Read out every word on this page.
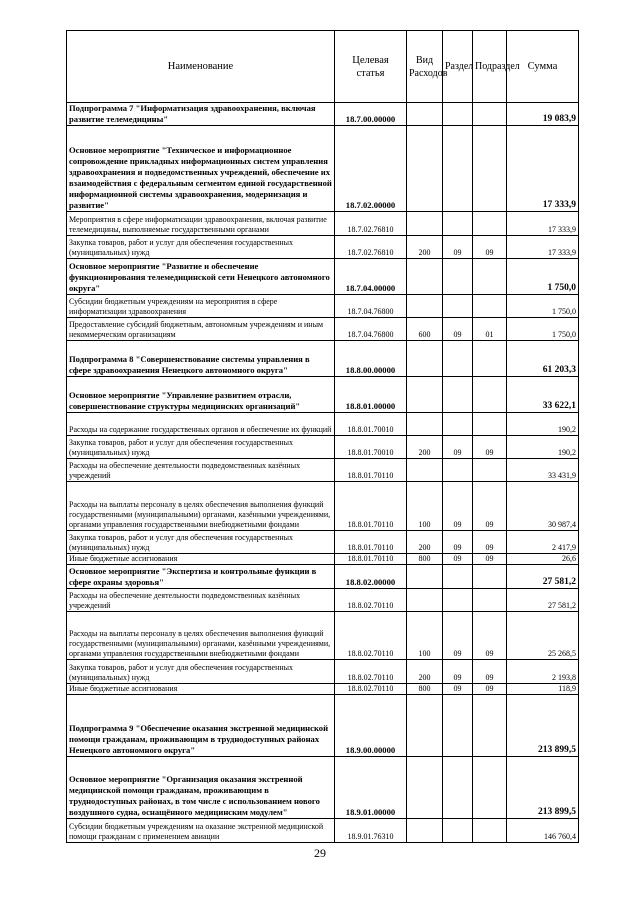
Наименование	Целевая статья	Вид Расходов	Раздел	Подраздел	Сумма
Подпрограмма 7 "Информатизация здравоохранения, включая развитие телемедицины"	18.7.00.00000				19 083,9
Основное мероприятие "Техническое и информационное сопровождение прикладных информационных систем управления здравоохранения и подведомственных учреждений, обеспечение их взаимодействия с федеральным сегментом единой государственной информационной системы здравоохранения, модернизация и развитие"	18.7.02.00000				17 333,9
Мероприятия в сфере информатизации здравоохранения, включая развитие телемедицины, выполняемые государственными органами	18.7.02.76810				17 333,9
Закупка товаров, работ и услуг для обеспечения государственных (муниципальных) нужд	18.7.02.76810	200	09	09	17 333,9
Основное мероприятие "Развитие и обеспечение функционирования телемедицинской сети Ненецкого автономного округа"	18.7.04.00000				1 750,0
Субсидии бюджетным учреждениям на мероприятия в сфере информатизации здравоохранения	18.7.04.76800				1 750,0
Предоставление субсидий бюджетным, автономным учреждениям и иным некоммерческим организациям	18.7.04.76800	600	09	01	1 750,0
Подпрограмма 8 "Совершенствование системы управления в сфере здравоохранения Ненецкого автономного округа"	18.8.00.00000				61 203,3
Основное мероприятие "Управление развитием отрасли, совершенствование структуры медицинских организаций"	18.8.01.00000				33 622,1
Расходы на содержание государственных органов и обеспечение их функций	18.8.01.70010				190,2
Закупка товаров, работ и услуг для обеспечения государственных (муниципальных) нужд	18.8.01.70010	200	09	09	190,2
Расходы на обеспечение деятельности подведомственных казённых учреждений	18.8.01.70110				33 431,9
Расходы на выплаты персоналу в целях обеспечения выполнения функций государственными (муниципальными) органами, казёнными учреждениями, органами управления государственными внебюджетными фондами	18.8.01.70110	100	09	09	30 987,4
Закупка товаров, работ и услуг для обеспечения государственных (муниципальных) нужд	18.8.01.70110	200	09	09	2 417,9
Иные бюджетные ассигнования	18.8.01.70110	800	09	09	26,6
Основное мероприятие "Экспертиза и контрольные функции в сфере охраны здоровья"	18.8.02.00000				27 581,2
Расходы на обеспечение деятельности подведомственных казённых учреждений	18.8.02.70110				27 581,2
Расходы на выплаты персоналу в целях обеспечения выполнения функций государственными (муниципальными) органами, казёнными учреждениями, органами управления государственными внебюджетными фондами	18.8.02.70110	100	09	09	25 268,5
Закупка товаров, работ и услуг для обеспечения государственных (муниципальных) нужд	18.8.02.70110	200	09	09	2 193,8
Иные бюджетные ассигнования	18.8.02.70110	800	09	09	118,9
Подпрограмма 9 "Обеспечение оказания экстренной медицинской помощи гражданам, проживающим в труднодоступных районах Ненецкого автономного округа"	18.9.00.00000				213 899,5
Основное мероприятие "Организация оказания экстренной медицинской помощи гражданам, проживающим в труднодоступных районах, в том числе с использованием нового воздушного судна, оснащённого медицинским модулем"	18.9.01.00000				213 899,5
Субсидии бюджетным учреждениям на оказание экстренной медицинской помощи гражданам с применением авиации	18.9.01.76310				146 760,4
29
